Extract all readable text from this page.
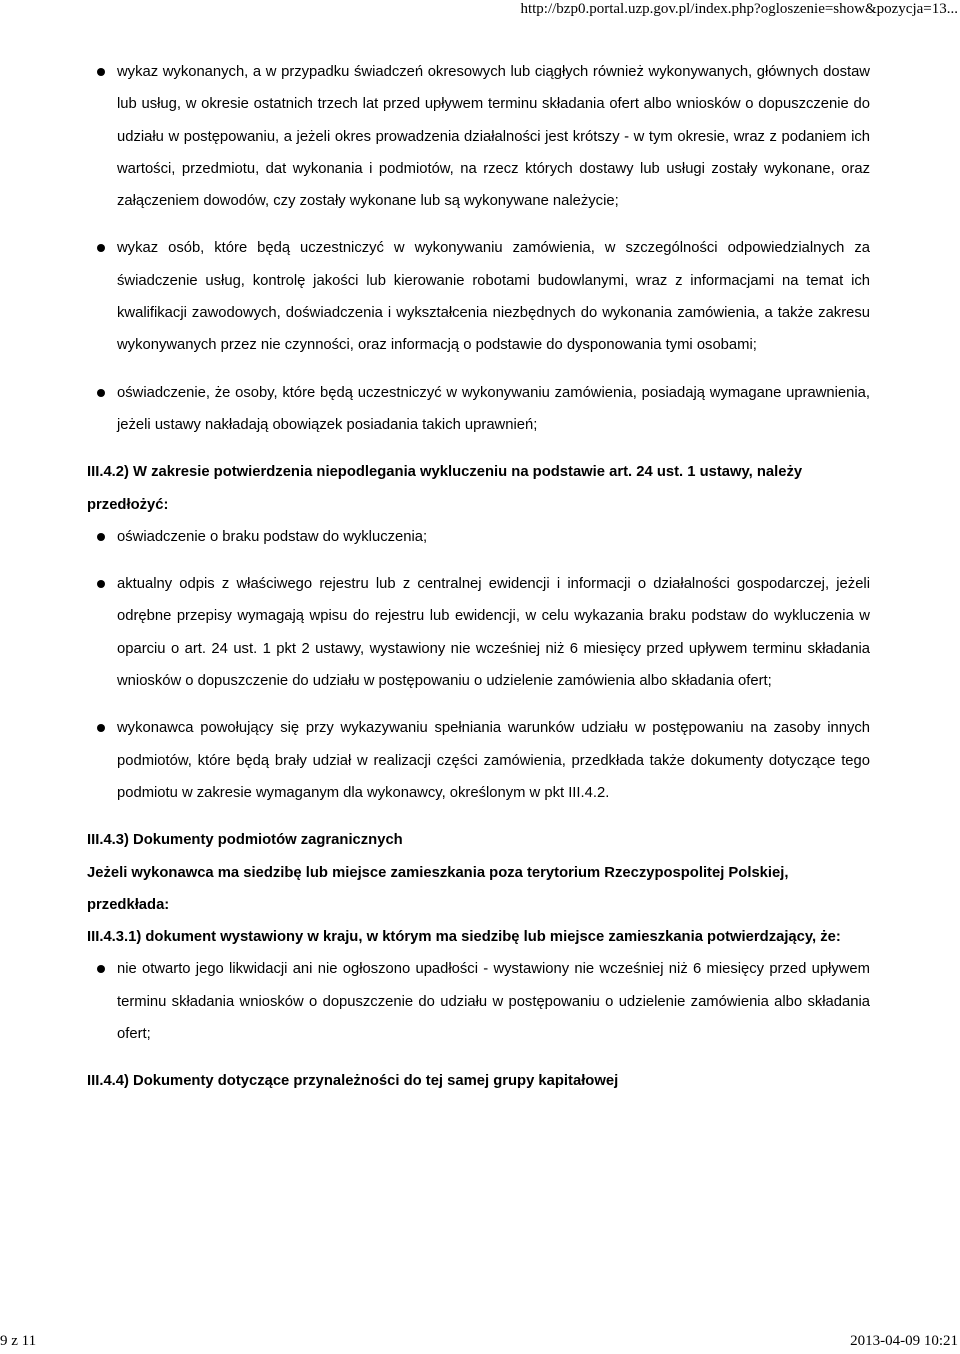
http://bzp0.portal.uzp.gov.pl/index.php?ogloszenie=show&pozycja=13...
wykaz wykonanych, a w przypadku świadczeń okresowych lub ciągłych również wykonywanych, głównych dostaw lub usług, w okresie ostatnich trzech lat przed upływem terminu składania ofert albo wniosków o dopuszczenie do udziału w postępowaniu, a jeżeli okres prowadzenia działalności jest krótszy - w tym okresie, wraz z podaniem ich wartości, przedmiotu, dat wykonania i podmiotów, na rzecz których dostawy lub usługi zostały wykonane, oraz załączeniem dowodów, czy zostały wykonane lub są wykonywane należycie;
wykaz osób, które będą uczestniczyć w wykonywaniu zamówienia, w szczególności odpowiedzialnych za świadczenie usług, kontrolę jakości lub kierowanie robotami budowlanymi, wraz z informacjami na temat ich kwalifikacji zawodowych, doświadczenia i wykształcenia niezbędnych do wykonania zamówienia, a także zakresu wykonywanych przez nie czynności, oraz informacją o podstawie do dysponowania tymi osobami;
oświadczenie, że osoby, które będą uczestniczyć w wykonywaniu zamówienia, posiadają wymagane uprawnienia, jeżeli ustawy nakładają obowiązek posiadania takich uprawnień;

III.4.2) W zakresie potwierdzenia niepodlegania wykluczeniu na podstawie art. 24 ust. 1 ustawy, należy przedłożyć:

oświadczenie o braku podstaw do wykluczenia;
aktualny odpis z właściwego rejestru lub z centralnej ewidencji i informacji o działalności gospodarczej, jeżeli odrębne przepisy wymagają wpisu do rejestru lub ewidencji, w celu wykazania braku podstaw do wykluczenia w oparciu o art. 24 ust. 1 pkt 2 ustawy, wystawiony nie wcześniej niż 6 miesięcy przed upływem terminu składania wniosków o dopuszczenie do udziału w postępowaniu o udzielenie zamówienia albo składania ofert;
wykonawca powołujący się przy wykazywaniu spełniania warunków udziału w postępowaniu na zasoby innych podmiotów, które będą brały udział w realizacji części zamówienia, przedkłada także dokumenty dotyczące tego podmiotu w zakresie wymaganym dla wykonawcy, określonym w pkt III.4.2.

III.4.3) Dokumenty podmiotów zagranicznych

Jeżeli wykonawca ma siedzibę lub miejsce zamieszkania poza terytorium Rzeczypospolitej Polskiej, przedkłada:

III.4.3.1) dokument wystawiony w kraju, w którym ma siedzibę lub miejsce zamieszkania potwierdzający, że:

nie otwarto jego likwidacji ani nie ogłoszono upadłości - wystawiony nie wcześniej niż 6 miesięcy przed upływem terminu składania wniosków o dopuszczenie do udziału w postępowaniu o udzielenie zamówienia albo składania ofert;

III.4.4) Dokumenty dotyczące przynależności do tej samej grupy kapitałowej

9 z 11	2013-04-09 10:21
